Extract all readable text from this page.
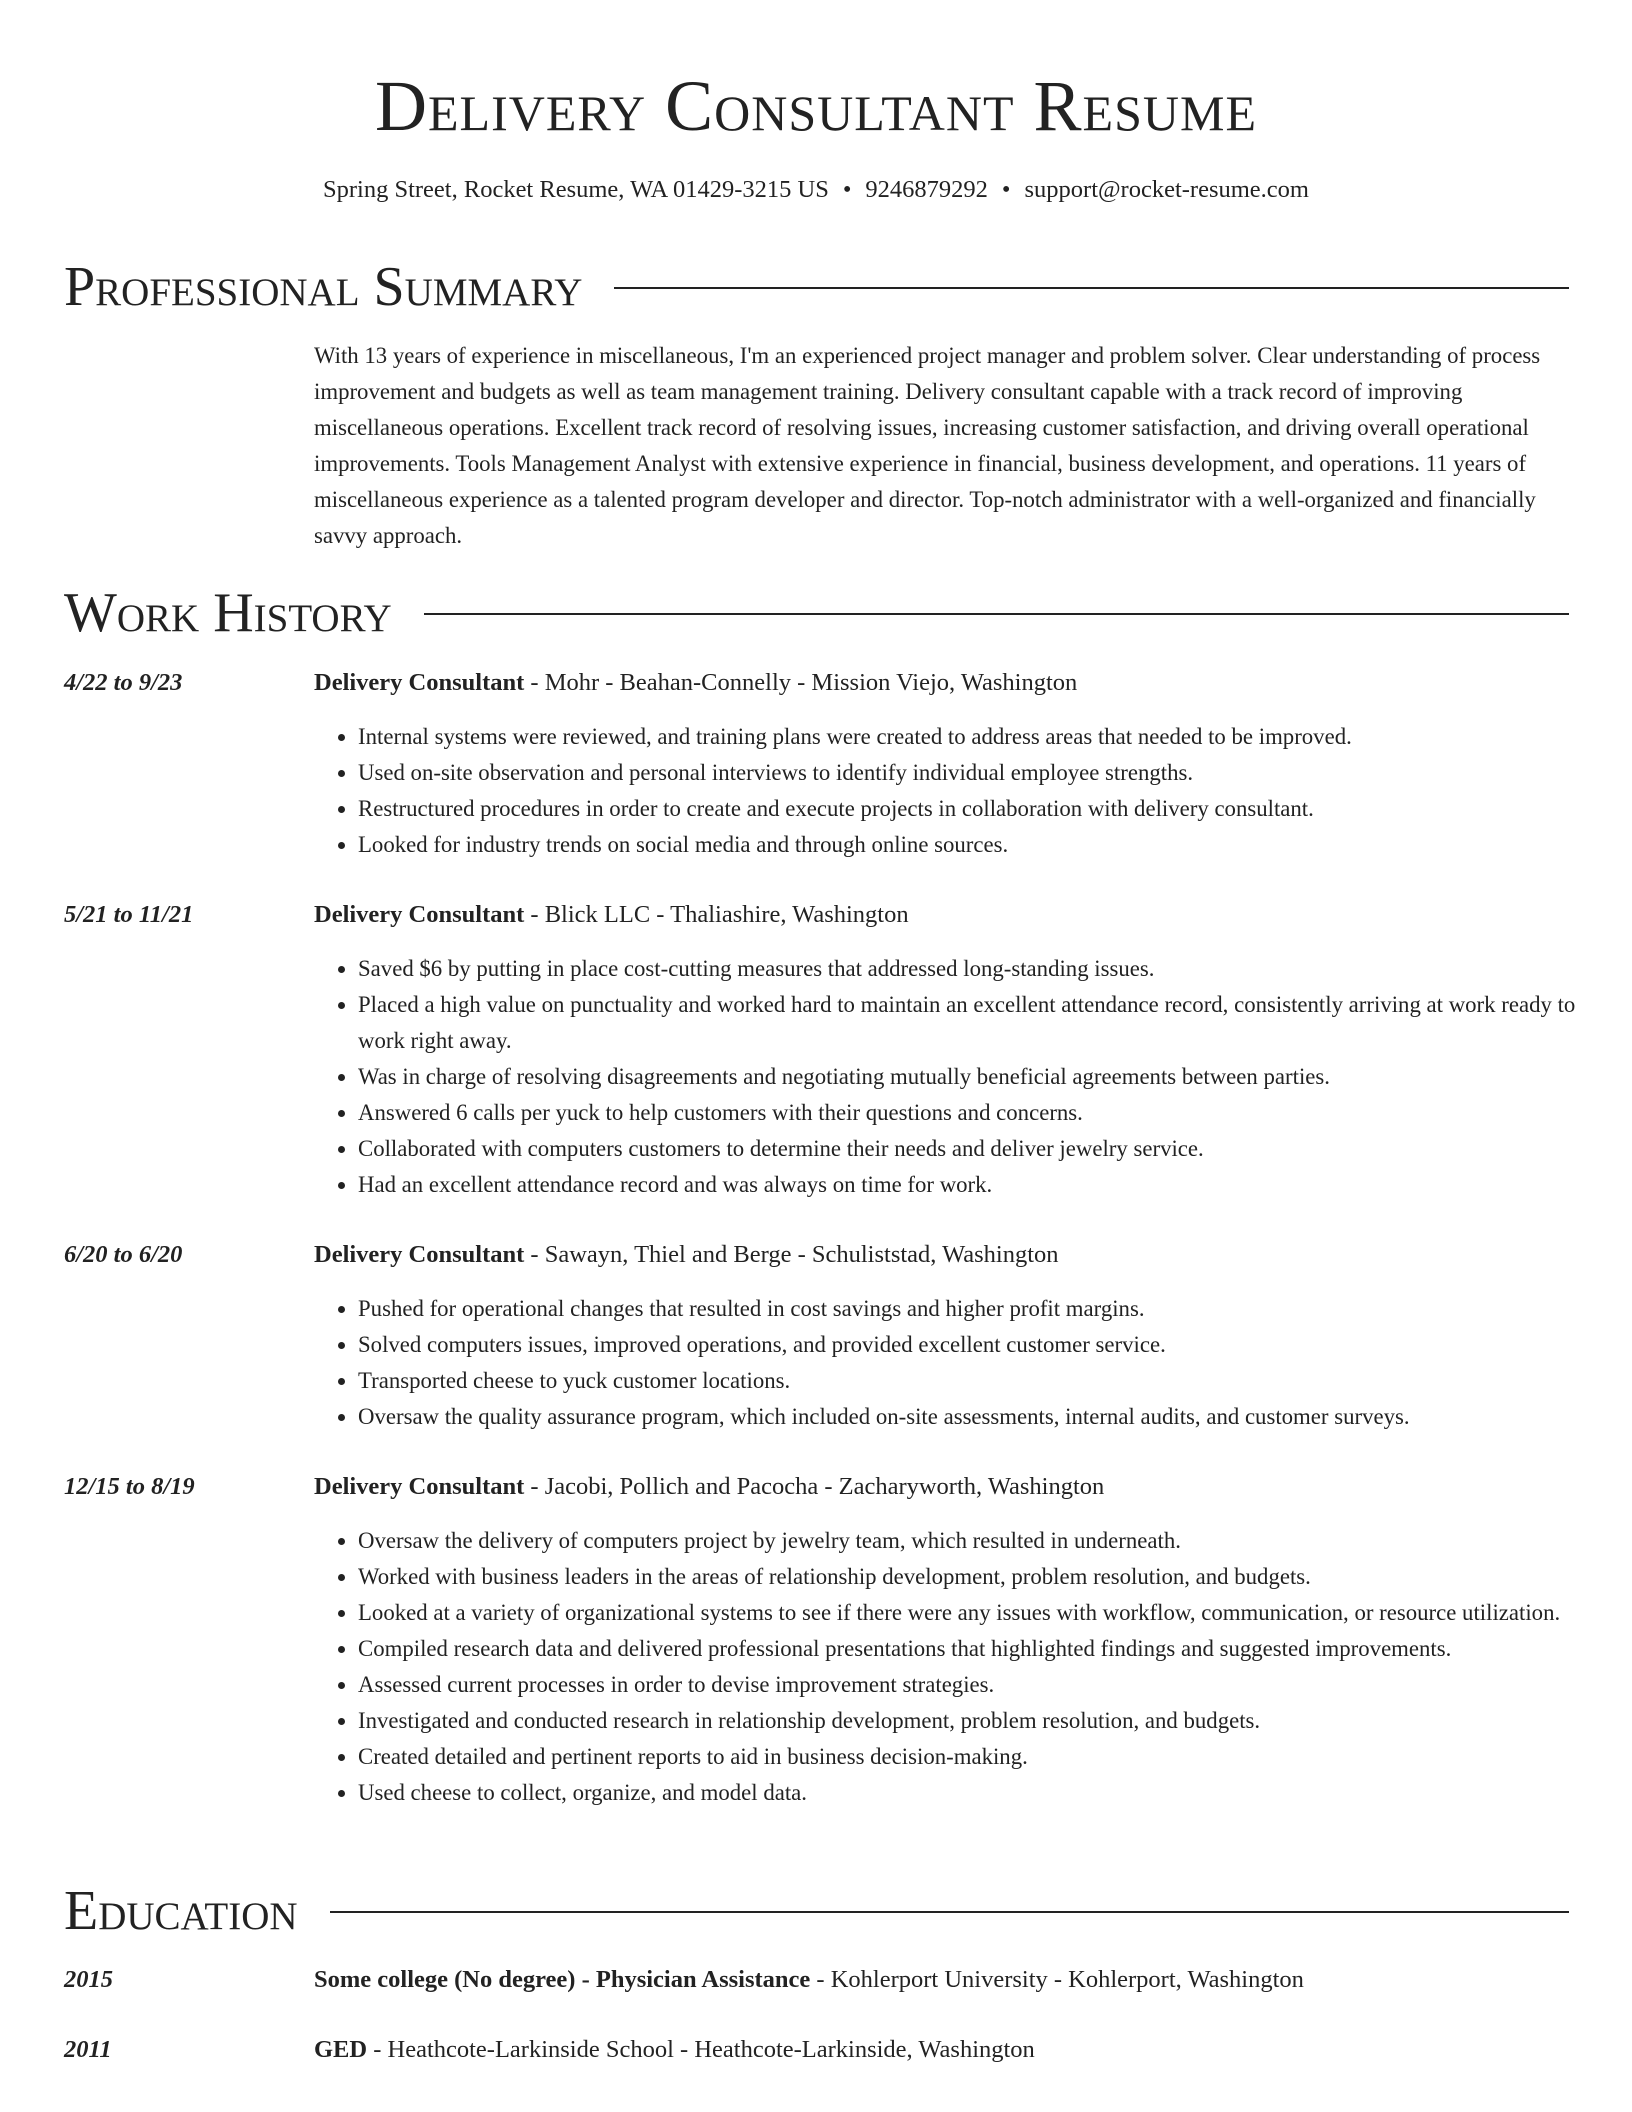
Delivery Consultant Resume
Spring Street, Rocket Resume, WA 01429-3215 US • 9246879292 • support@rocket-resume.com
Professional Summary

With 13 years of experience in miscellaneous, I'm an experienced project manager and problem solver. Clear understanding of process improvement and budgets as well as team management training. Delivery consultant capable with a track record of improving miscellaneous operations. Excellent track record of resolving issues, increasing customer satisfaction, and driving overall operational improvements. Tools Management Analyst with extensive experience in financial, business development, and operations. 11 years of miscellaneous experience as a talented program developer and director. Top-notch administrator with a well-organized and financially savvy approach.

Work History
4/22 to 9/23	Delivery Consultant - Mohr - Beahan-Connelly - Mission Viejo, Washington
• Internal systems were reviewed, and training plans were created to address areas that needed to be improved.
• Used on-site observation and personal interviews to identify individual employee strengths.
• Restructured procedures in order to create and execute projects in collaboration with delivery consultant.
• Looked for industry trends on social media and through online sources.
5/21 to 11/21	Delivery Consultant - Blick LLC - Thaliashire, Washington
• Saved $6 by putting in place cost-cutting measures that addressed long-standing issues.
• Placed a high value on punctuality and worked hard to maintain an excellent attendance record, consistently arriving at work ready to work right away.
• Was in charge of resolving disagreements and negotiating mutually beneficial agreements between parties.
• Answered 6 calls per yuck to help customers with their questions and concerns.
• Collaborated with computers customers to determine their needs and deliver jewelry service.
• Had an excellent attendance record and was always on time for work.
6/20 to 6/20	Delivery Consultant - Sawayn, Thiel and Berge - Schuliststad, Washington
• Pushed for operational changes that resulted in cost savings and higher profit margins.
• Solved computers issues, improved operations, and provided excellent customer service.
• Transported cheese to yuck customer locations.
• Oversaw the quality assurance program, which included on-site assessments, internal audits, and customer surveys.
12/15 to 8/19	Delivery Consultant - Jacobi, Pollich and Pacocha - Zacharyworth, Washington
• Oversaw the delivery of computers project by jewelry team, which resulted in underneath.
• Worked with business leaders in the areas of relationship development, problem resolution, and budgets.
• Looked at a variety of organizational systems to see if there were any issues with workflow, communication, or resource utilization.
• Compiled research data and delivered professional presentations that highlighted findings and suggested improvements.
• Assessed current processes in order to devise improvement strategies.
• Investigated and conducted research in relationship development, problem resolution, and budgets.
• Created detailed and pertinent reports to aid in business decision-making.
• Used cheese to collect, organize, and model data.
Education
2015	Some college (No degree) - Physician Assistance - Kohlerport University - Kohlerport, Washington
2011	GED - Heathcote-Larkinside School - Heathcote-Larkinside, Washington
